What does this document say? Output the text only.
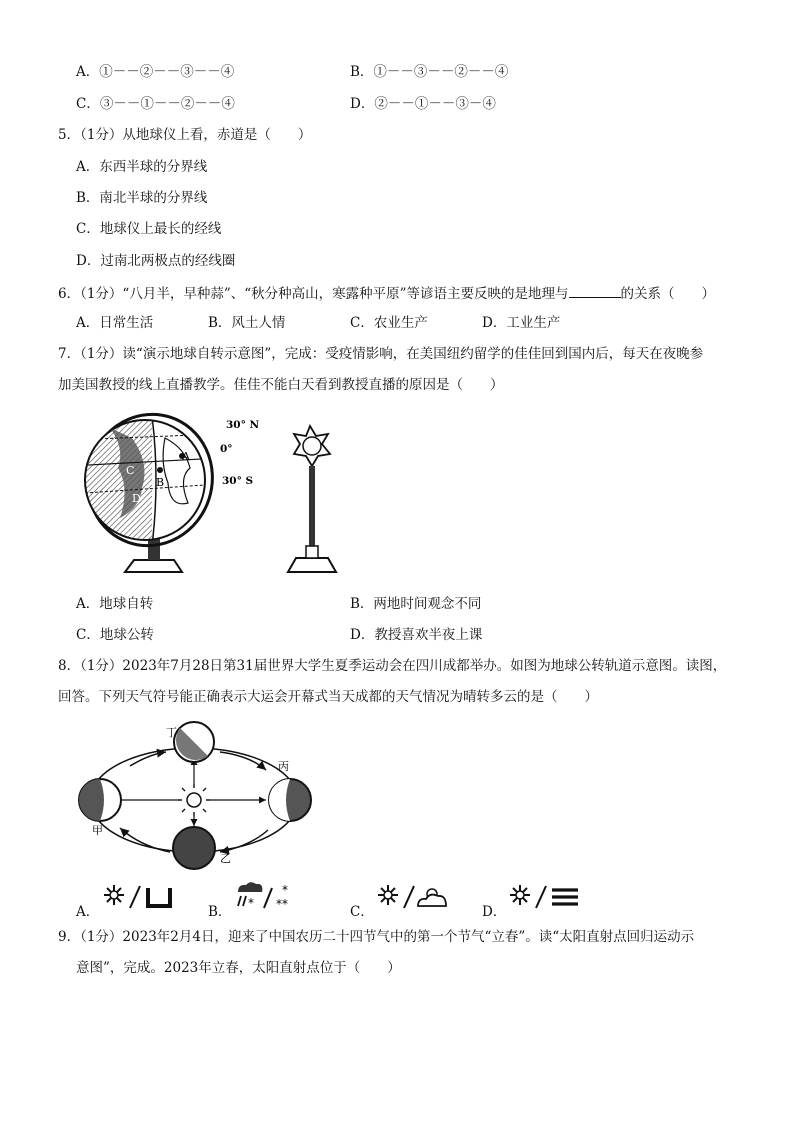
A．①－－②－－③－－④	B．①－－③－－②－－④
C．③－－①－－②－－④	D．②－－①－－③－④
5．（1分）从地球仪上看，赤道是（　　）
A．东西半球的分界线
B．南北半球的分界线
C．地球仪上最长的经线
D．过南北两极点的经线圈
6．（1分）“八月半，早种蒜”、“秋分种高山，寒露种平原”等谚语主要反映的是地理与	的关系（　　）
A．日常生活	B．风土人情	C．农业生产	D．工业生产
7．（1分）读“演示地球自转示意图”，完成：受疫情影响，在美国纽约留学的佳佳回到国内后，每天在夜晚参
加美国教授的线上直播教学。佳佳不能白天看到教授直播的原因是（　　）
A
B
C
D
30° N
0°
30° S
A．地球自转	B．两地时间观念不同
C．地球公转	D．教授喜欢半夜上课
8．（1分）2023年7月28日第31届世界大学生夏季运动会在四川成都举办。如图为地球公转轨道示意图。读图，
回答。下列天气符号能正确表示大运会开幕式当天成都的天气情况为晴转多云的是（　　）
丁
丙
甲
乙
A．	B．
*
*
**	C．	D．
9．（1分）2023年2月4日，迎来了中国农历二十四节气中的第一个节气“立春”。读“太阳直射点回归运动示
意图”，完成。2023年立春，太阳直射点位于（　　）
